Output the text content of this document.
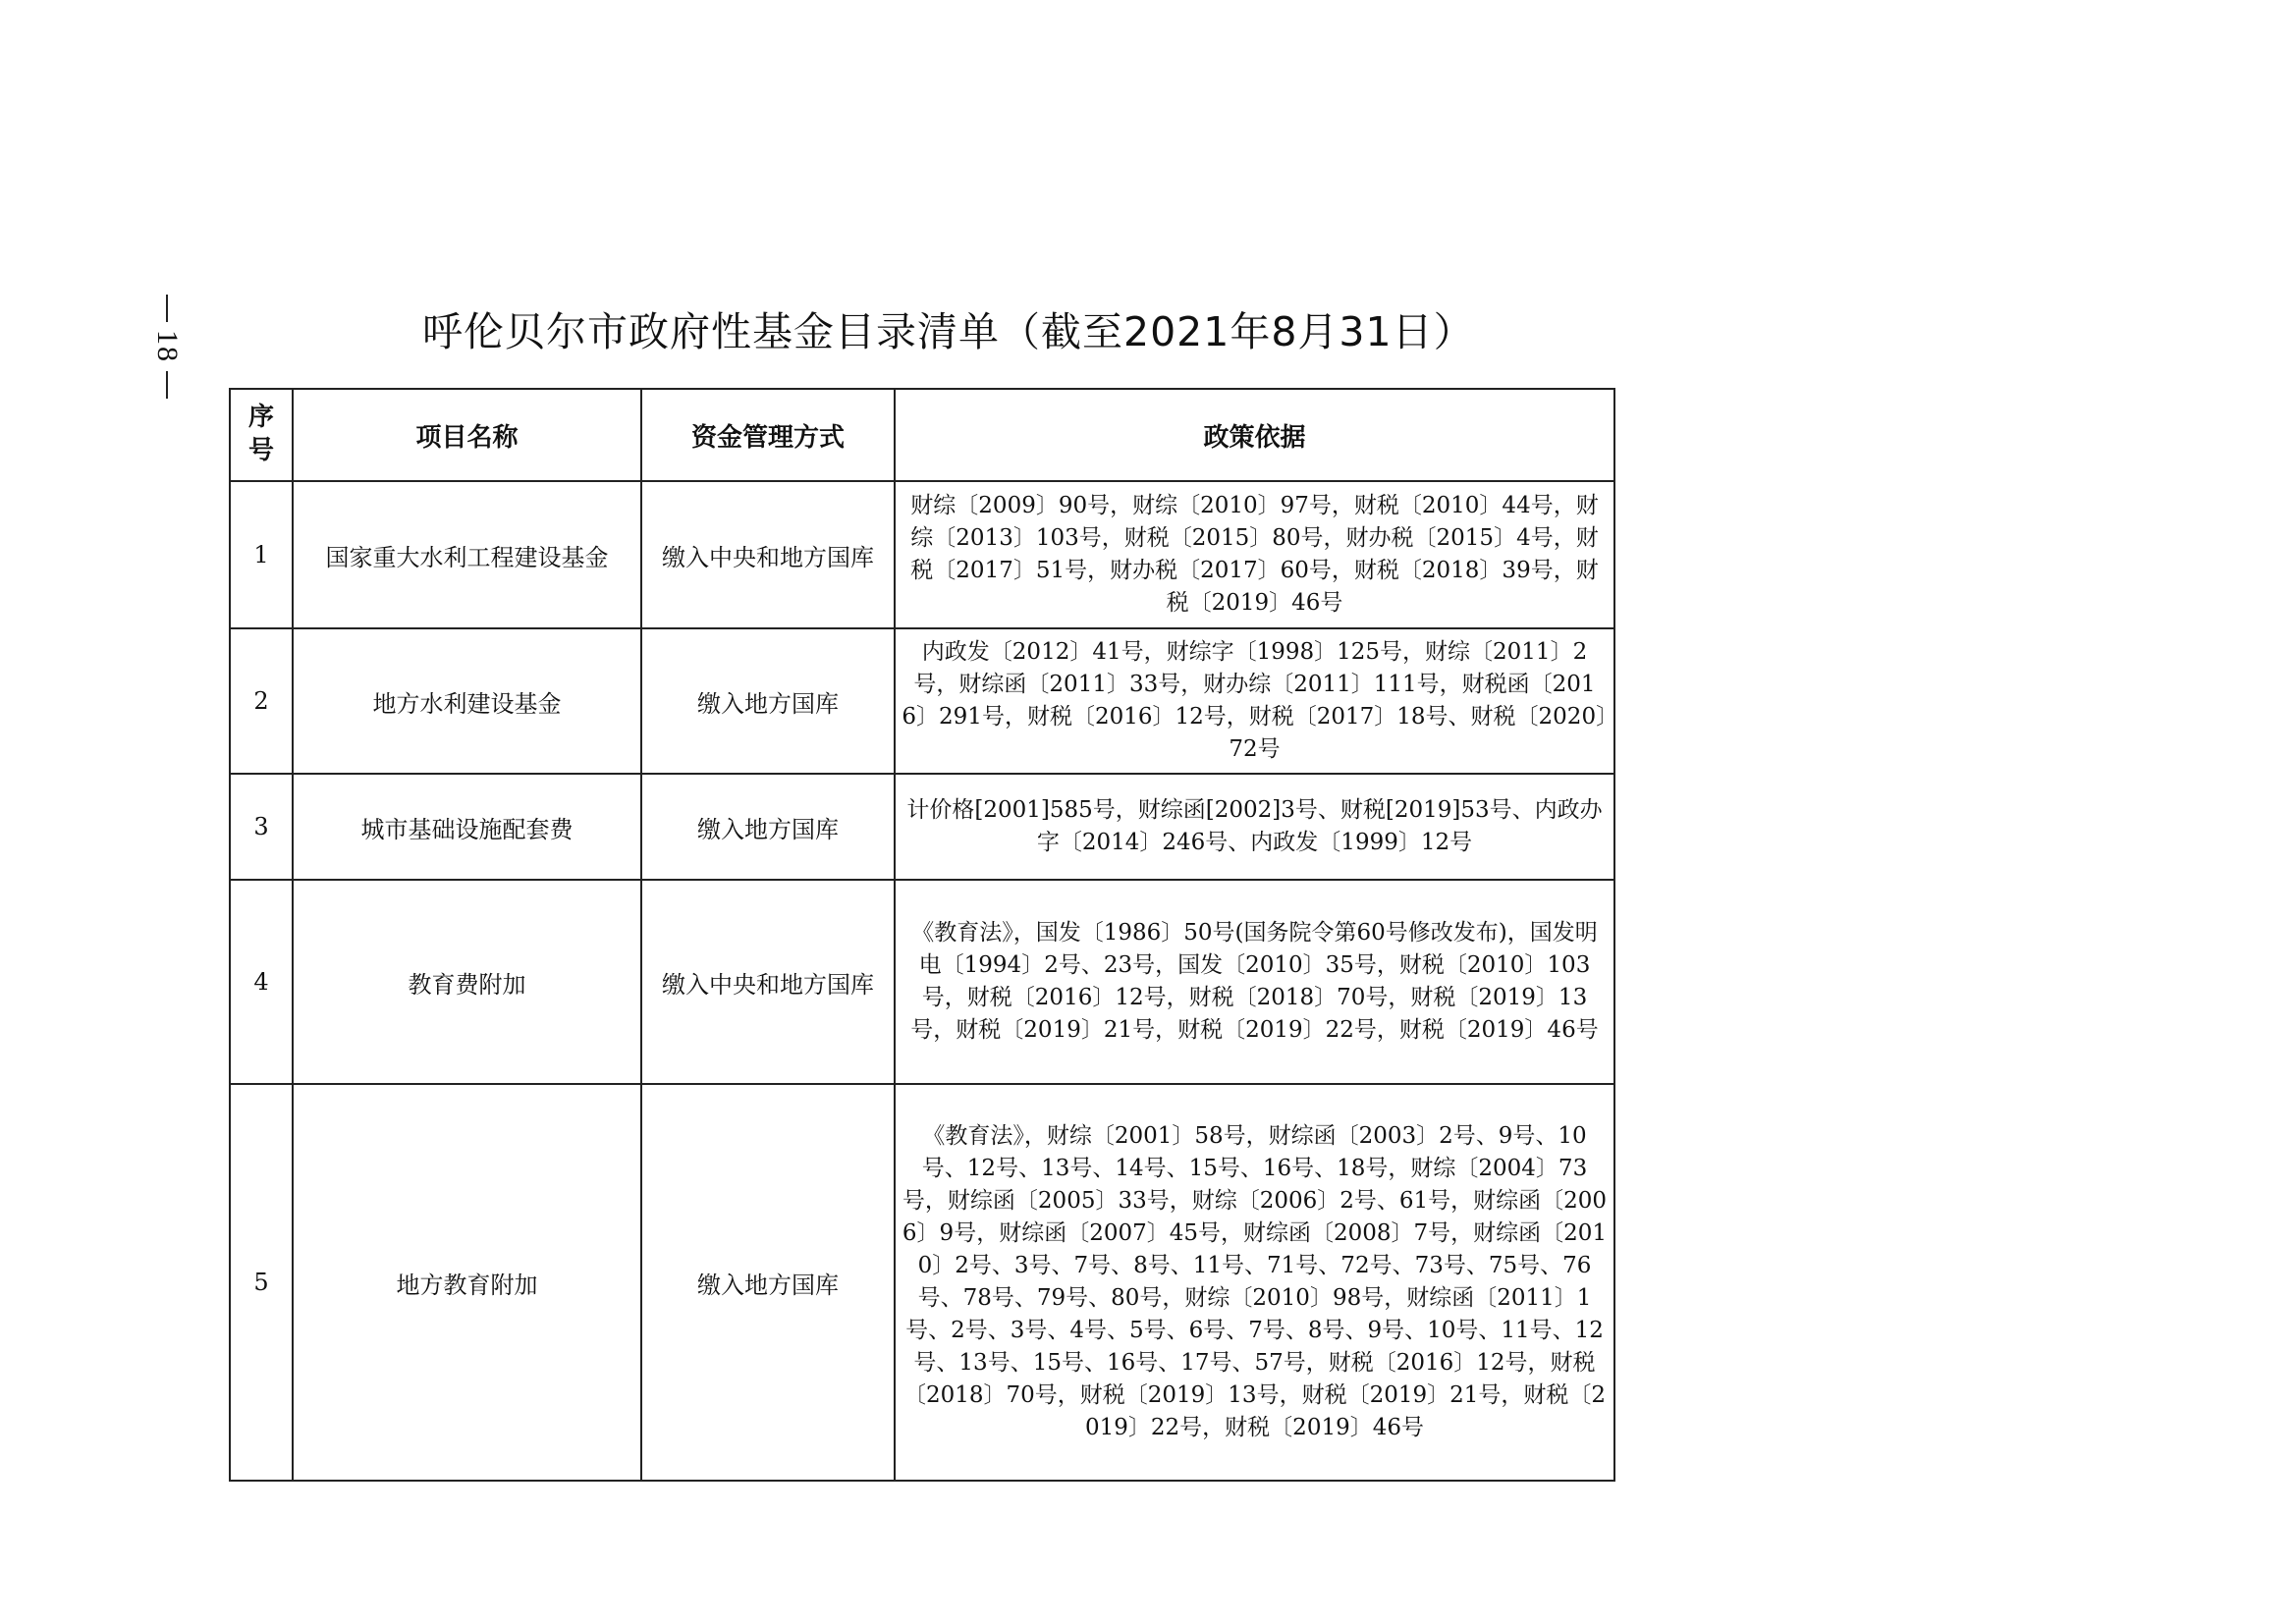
18	呼伦贝尔市政府性基金目录清单（截至2021年8月31日）
序
号	项目名称	资金管理方式	政策依据
1	国家重大水利工程建设基金	缴入中央和地方国库	财综〔2009〕90号，财综〔2010〕97号，财税〔2010〕44号，财综〔2013〕103号，财税〔2015〕80号，财办税〔2015〕4号，财税〔2017〕51号，财办税〔2017〕60号，财税〔2018〕39号，财税〔2019〕46号
2	地方水利建设基金	缴入地方国库	内政发〔2012〕41号，财综字〔1998〕125号，财综〔2011〕2号，财综函〔2011〕33号，财办综〔2011〕111号，财税函〔2016〕291号，财税〔2016〕12号，财税〔2017〕18号、财税〔2020〕72号
3	城市基础设施配套费	缴入地方国库	计价格[2001]585号，财综函[2002]3号、财税[2019]53号、内政办字〔2014〕246号、内政发〔1999〕12号
4	教育费附加	缴入中央和地方国库	《教育法》，国发〔1986〕50号(国务院令第60号修改发布)，国发明电〔1994〕2号、23号，国发〔2010〕35号，财税〔2010〕103号，财税〔2016〕12号，财税〔2018〕70号，财税〔2019〕13号，财税〔2019〕21号，财税〔2019〕22号，财税〔2019〕46号
5	地方教育附加	缴入地方国库	《教育法》，财综〔2001〕58号，财综函〔2003〕2号、9号、10号、12号、13号、14号、15号、16号、18号，财综〔2004〕73号，财综函〔2005〕33号，财综〔2006〕2号、61号，财综函〔2006〕9号，财综函〔2007〕45号，财综函〔2008〕7号，财综函〔2010〕2号、3号、7号、8号、11号、71号、72号、73号、75号、76号、78号、79号、80号，财综〔2010〕98号，财综函〔2011〕1号、2号、3号、4号、5号、6号、7号、8号、9号、10号、11号、12号、13号、15号、16号、17号、57号，财税〔2016〕12号，财税〔2018〕70号，财税〔2019〕13号，财税〔2019〕21号，财税〔2019〕22号，财税〔2019〕46号
